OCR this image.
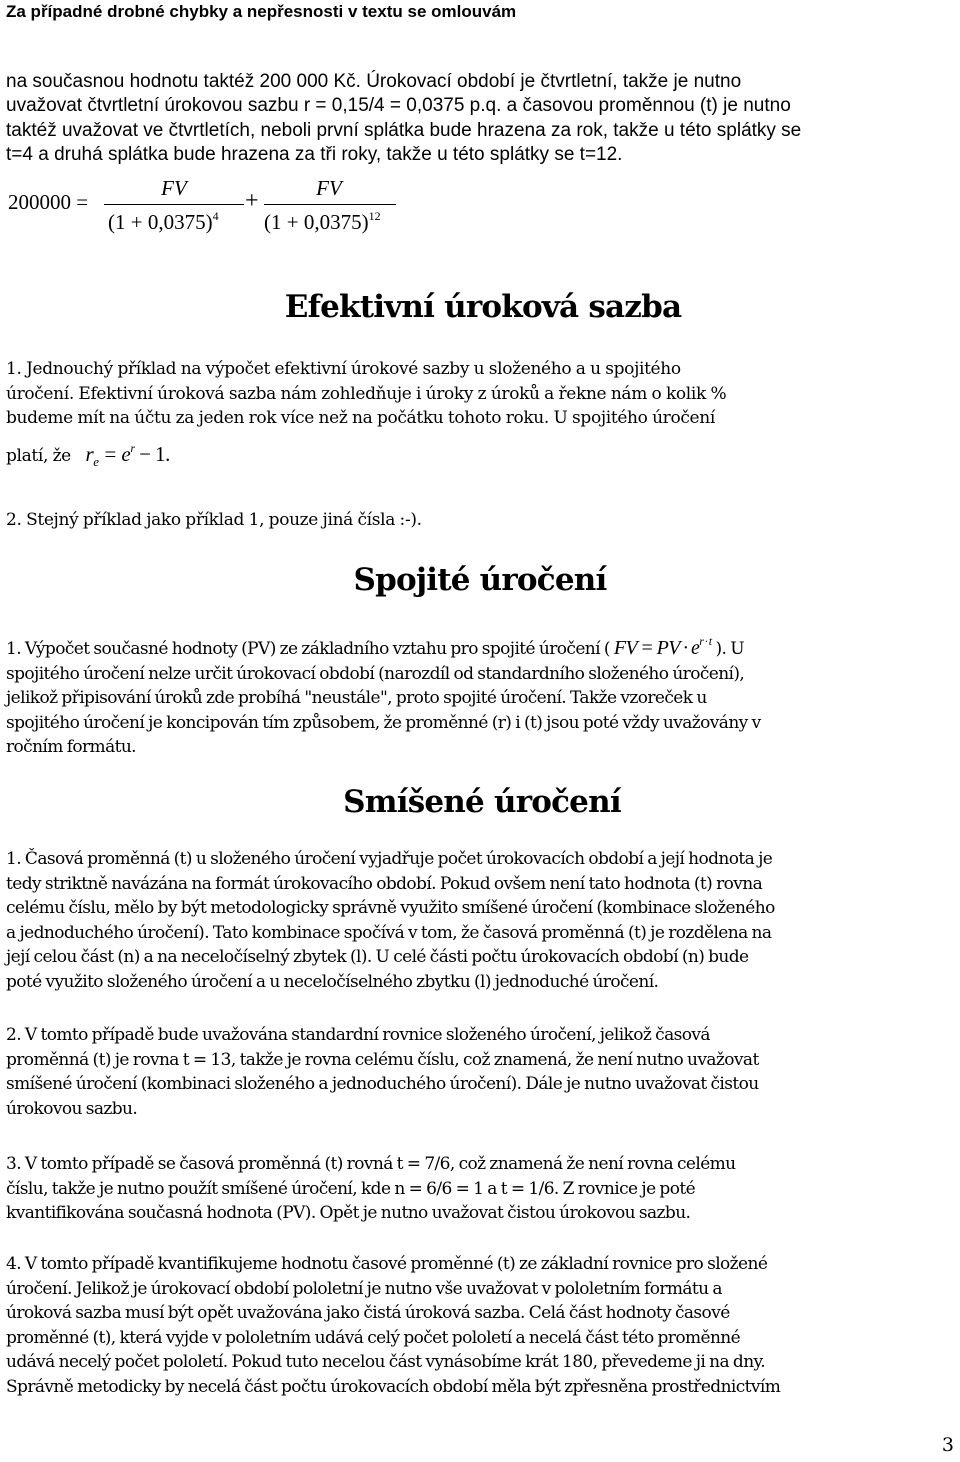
Za případné drobné chybky a nepřesnosti v textu se omlouvám
na současnou hodnotu taktéž 200 000 Kč. Úrokovací období je čtvrtletní, takže je nutno
uvažovat čtvrtletní úrokovou sazbu r = 0,15/4 = 0,0375 p.q. a časovou proměnnou (t) je nutno
taktéž uvažovat ve čtvrtletích, neboli první splátka bude hrazena za rok, takže u této splátky se
t=4 a druhá splátka bude hrazena za tři roky, takže u této splátky se t=12.
200000 =
FV
$(1 + 0,0375)^4$
+	FV
$(1 + 0,0375)^{12}$
Efektivní úroková sazba
1. Jednouchý příklad na výpočet efektivní úrokové sazby u složeného a u spojitého
úročení. Efektivní úroková sazba nám zohledňuje i úroky z úroků a řekne nám o kolik %
budeme mít na účtu za jeden rok více než na počátku tohoto roku. U spojitého úročení
platí, že $r_e = e^r - 1$.
2. Stejný příklad jako příklad 1, pouze jiná čísla :-).
Spojité úročení
1. Výpočet současné hodnoty (PV) ze základního vztahu pro spojité úročení ( FV = PV · $e^{r \cdot t}$ ). U
spojitého úročení nelze určit úrokovací období (narozdíl od standardního složeného úročení),
jelikož připisování úroků zde probíhá "neustále", proto spojité úročení. Takže vzoreček u
spojitého úročení je koncipován tím způsobem, že proměnné (r) i (t) jsou poté vždy uvažovány v
ročním formátu.
Smíšené úročení
1. Časová proměnná (t) u složeného úročení vyjadřuje počet úrokovacích období a její hodnota je
tedy striktně navázána na formát úrokovacího období. Pokud ovšem není tato hodnota (t) rovna
celému číslu, mělo by být metodologicky správně využito smíšené úročení (kombinace složeného
a jednoduchého úročení). Tato kombinace spočívá v tom, že časová proměnná (t) je rozdělena na
její celou část (n) a na neceločíselný zbytek (l). U celé části počtu úrokovacích období (n) bude
poté využito složeného úročení a u neceločíselného zbytku (l) jednoduché úročení.
2. V tomto případě bude uvažována standardní rovnice složeného úročení, jelikož časová
proměnná (t) je rovna t = 13, takže je rovna celému číslu, což znamená, že není nutno uvažovat
smíšené úročení (kombinaci složeného a jednoduchého úročení). Dále je nutno uvažovat čistou
úrokovou sazbu.
3. V tomto případě se časová proměnná (t) rovná t = 7/6, což znamená že není rovna celému
číslu, takže je nutno použít smíšené úročení, kde n = 6/6 = 1 a t = 1/6. Z rovnice je poté
kvantifikována současná hodnota (PV). Opět je nutno uvažovat čistou úrokovou sazbu.
4. V tomto případě kvantifikujeme hodnotu časové proměnné (t) ze základní rovnice pro složené
úročení. Jelikož je úrokovací období pololetní je nutno vše uvažovat v pololetním formátu a
úroková sazba musí být opět uvažována jako čistá úroková sazba. Celá část hodnoty časové
proměnné (t), která vyjde v pololetním udává celý počet pololetí a necelá část této proměnné
udává necelý počet pololetí. Pokud tuto necelou část vynásobíme krát 180, převedeme ji na dny.
Správně metodicky by necelá část počtu úrokovacích období měla být zpřesněna prostřednictvím
3
